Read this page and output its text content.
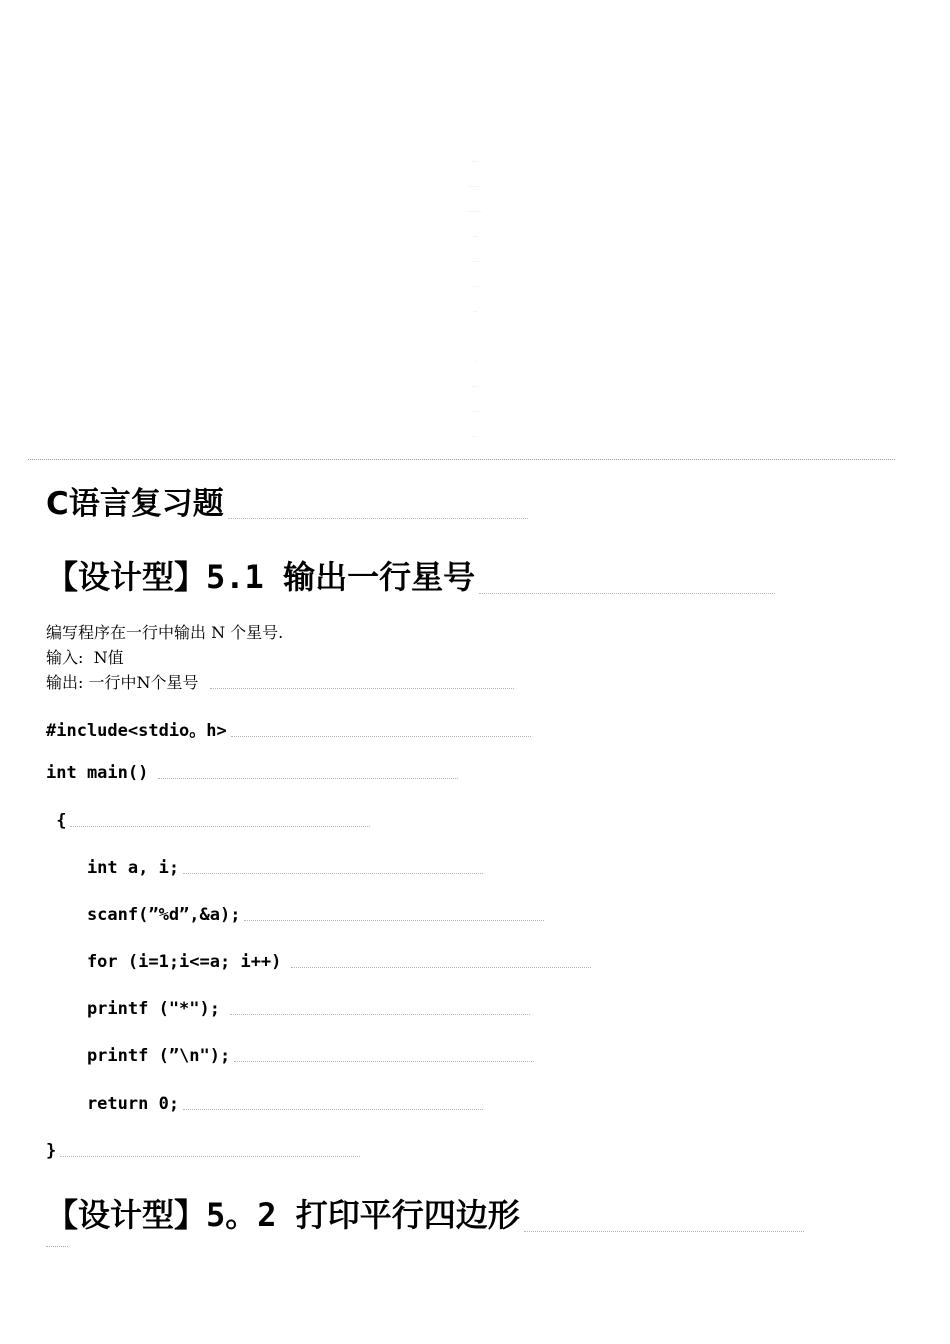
·
––––
––––––––
–––––––––
–––
––––––
–––––
–––
·
––
––––
–––––
––––
C语言复习题
【设计型】5.1 输出一行星号
编写程序在一行中输出 N 个星号.
输入:  N值
输出: 一行中N个星号
#include<stdio。h>
int main()
{
int a, i;
scanf(”%d”,&a);
for (i=1;i<=a; i++)
printf ("*");
printf (”\n");
return 0;
}
【设计型】5。2 打印平行四边形
